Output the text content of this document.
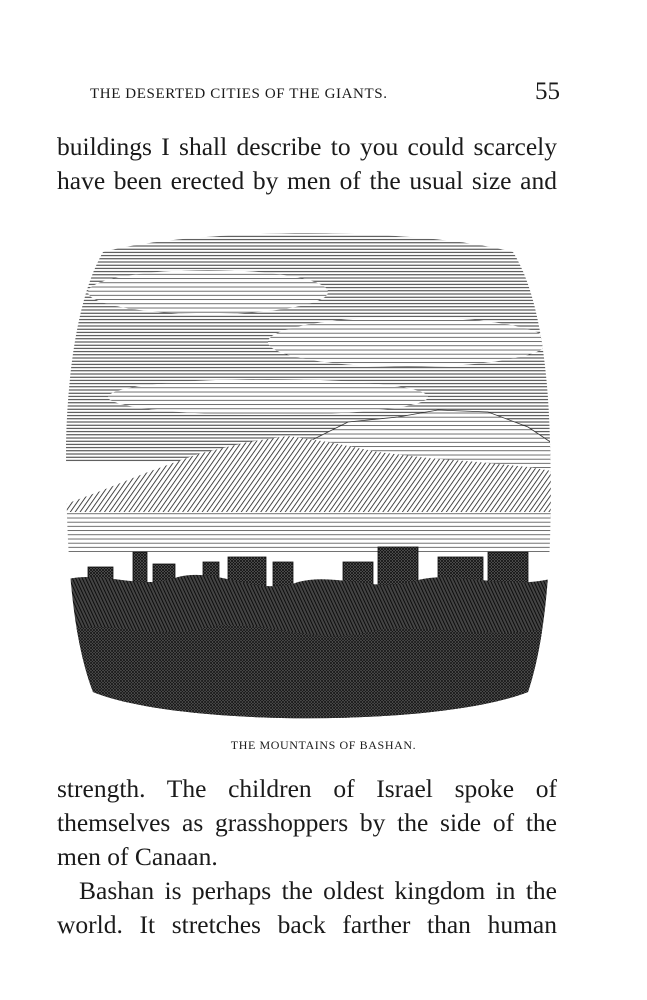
THE DESERTED CITIES OF THE GIANTS.	55
buildings I shall describe to you could scarcely
have been erected by men of the usual size and
THE MOUNTAINS OF BASHAN.
strength. The children of Israel spoke of
themselves as grasshoppers by the side of the
men of Canaan.
Bashan is perhaps the oldest kingdom in the
world. It stretches back farther than human
